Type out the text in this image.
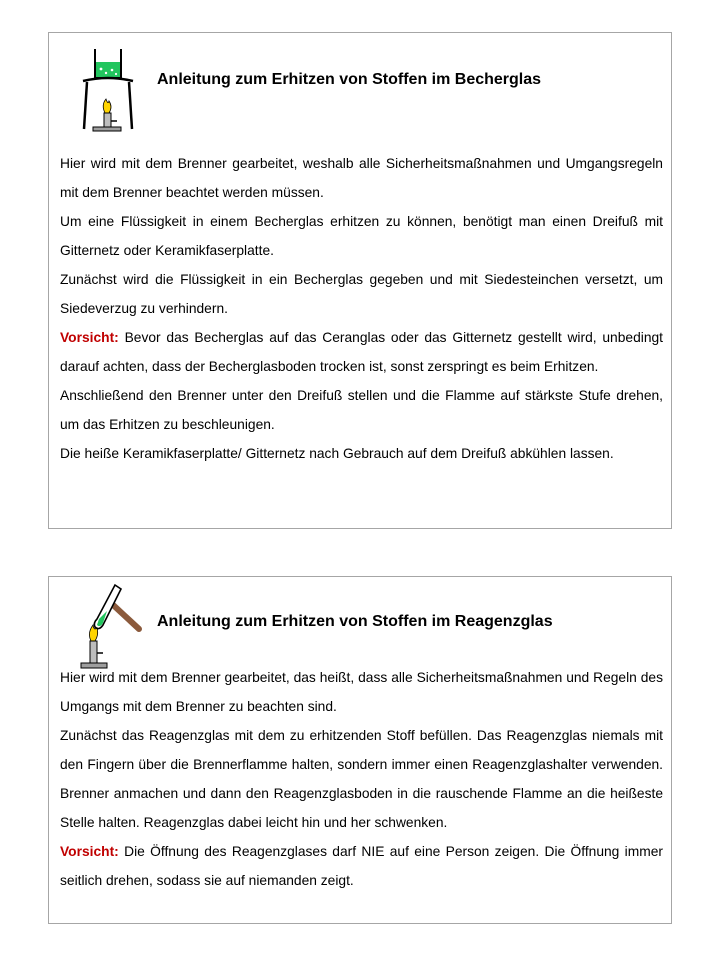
Anleitung zum Erhitzen von Stoffen im Becherglas

Hier wird mit dem Brenner gearbeitet, weshalb alle Sicherheitsmaßnahmen und Umgangsregeln mit dem Brenner beachtet werden müssen.

Um eine Flüssigkeit in einem Becherglas erhitzen zu können, benötigt man einen Dreifuß mit Gitternetz oder Keramikfaserplatte.

Zunächst wird die Flüssigkeit in ein Becherglas gegeben und mit Siedesteinchen versetzt, um Siedeverzug zu verhindern.

Vorsicht: Bevor das Becherglas auf das Ceranglas oder das Gitternetz gestellt wird, unbedingt darauf achten, dass der Becherglasboden trocken ist, sonst zerspringt es beim Erhitzen.

Anschließend den Brenner unter den Dreifuß stellen und die Flamme auf stärkste Stufe drehen, um das Erhitzen zu beschleunigen.

Die heiße Keramikfaserplatte/ Gitternetz nach Gebrauch auf dem Dreifuß abkühlen lassen.

Anleitung zum Erhitzen von Stoffen im Reagenzglas

Hier wird mit dem Brenner gearbeitet, das heißt, dass alle Sicherheitsmaßnahmen und Regeln des Umgangs mit dem Brenner zu beachten sind.

Zunächst das Reagenzglas mit dem zu erhitzenden Stoff befüllen. Das Reagenzglas niemals mit den Fingern über die Brennerflamme halten, sondern immer einen Reagenzglashalter verwenden. Brenner anmachen und dann den Reagenzglasboden in die rauschende Flamme an die heißeste Stelle halten. Reagenzglas dabei leicht hin und her schwenken.

Vorsicht: Die Öffnung des Reagenzglases darf NIE auf eine Person zeigen. Die Öffnung immer seitlich drehen, sodass sie auf niemanden zeigt.
